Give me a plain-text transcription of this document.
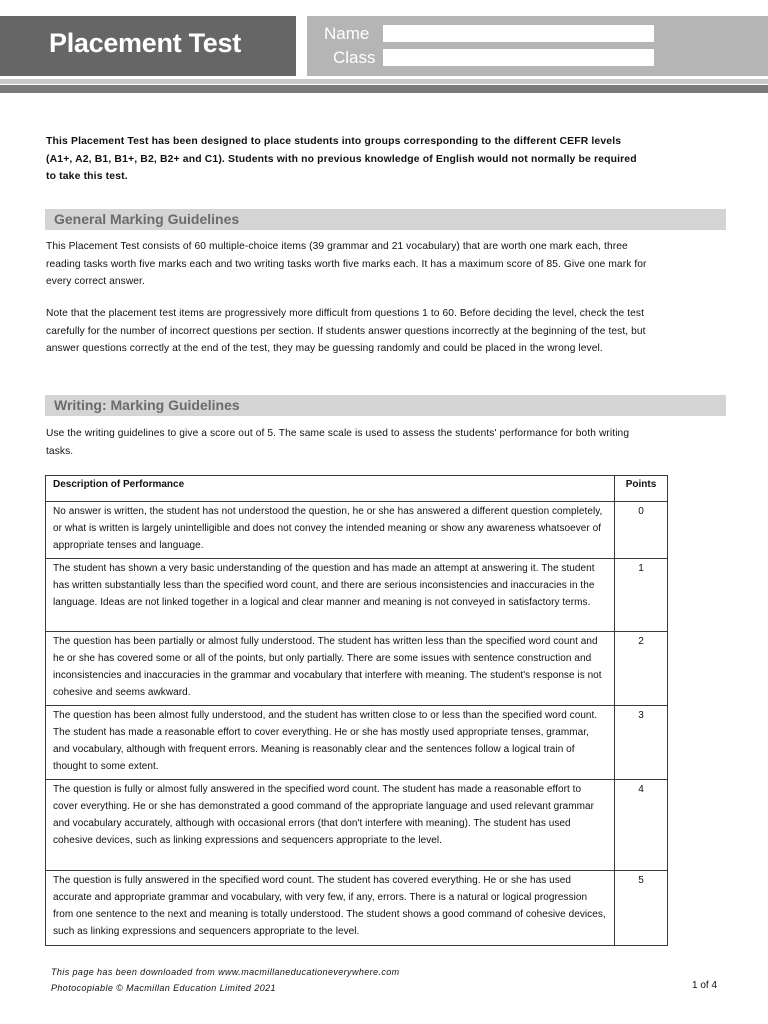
Placement Test	Name
Class
This Placement Test has been designed to place students into groups corresponding to the different CEFR levels (A1+, A2, B1, B1+, B2, B2+ and C1). Students with no previous knowledge of English would not normally be required to take this test.
General Marking Guidelines
This Placement Test consists of 60 multiple-choice items (39 grammar and 21 vocabulary) that are worth one mark each, three reading tasks worth five marks each and two writing tasks worth five marks each. It has a maximum score of 85. Give one mark for every correct answer.
Note that the placement test items are progressively more difficult from questions 1 to 60. Before deciding the level, check the test carefully for the number of incorrect questions per section. If students answer questions incorrectly at the beginning of the test, but answer questions correctly at the end of the test, they may be guessing randomly and could be placed in the wrong level.
Writing: Marking Guidelines
Use the writing guidelines to give a score out of 5. The same scale is used to assess the students' performance for both writing tasks.
Description of Performance	Points
No answer is written, the student has not understood the question, he or she has answered a different question completely, or what is written is largely unintelligible and does not convey the intended meaning or show any awareness whatsoever of appropriate tenses and language.	0
The student has shown a very basic understanding of the question and has made an attempt at answering it. The student has written substantially less than the specified word count, and there are serious inconsistencies and inaccuracies in the language. Ideas are not linked together in a logical and clear manner and meaning is not conveyed in satisfactory terms.	1
The question has been partially or almost fully understood. The student has written less than the specified word count and he or she has covered some or all of the points, but only partially. There are some issues with sentence construction and inconsistencies and inaccuracies in the grammar and vocabulary that interfere with meaning. The student's response is not cohesive and seems awkward.	2
The question has been almost fully understood, and the student has written close to or less than the specified word count. The student has made a reasonable effort to cover everything. He or she has mostly used appropriate tenses, grammar, and vocabulary, although with frequent errors. Meaning is reasonably clear and the sentences follow a logical train of thought to some extent.	3
The question is fully or almost fully answered in the specified word count. The student has made a reasonable effort to cover everything. He or she has demonstrated a good command of the appropriate language and used relevant grammar and vocabulary accurately, although with occasional errors (that don't interfere with meaning). The student has used cohesive devices, such as linking expressions and sequencers appropriate to the level.	4
The question is fully answered in the specified word count. The student has covered everything. He or she has used accurate and appropriate grammar and vocabulary, with very few, if any, errors. There is a natural or logical progression from one sentence to the next and meaning is totally understood. The student shows a good command of cohesive devices, such as linking expressions and sequencers appropriate to the level.	5
This page has been downloaded from www.macmillaneducationeverywhere.com
Photocopiable © Macmillan Education Limited 2021	1 of 4
